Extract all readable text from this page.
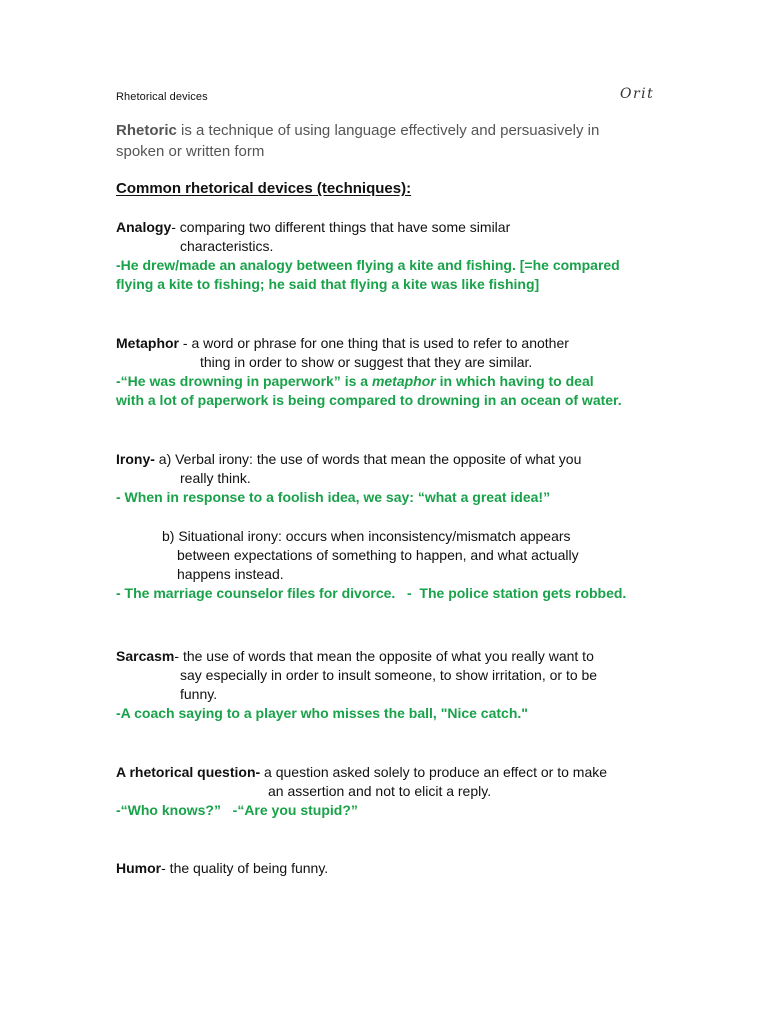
Rhetorical devices	Orit
Rhetoric is a technique of using language effectively and persuasively in
spoken or written form
Common rhetorical devices (techniques):
Analogy- comparing two different things that have some similar
characteristics.
-He drew/made an analogy between flying a kite and fishing. [=he compared
flying a kite to fishing; he said that flying a kite was like fishing]
Metaphor - a word or phrase for one thing that is used to refer to another
thing in order to show or suggest that they are similar.
-“He was drowning in paperwork” is a metaphor in which having to deal
with a lot of paperwork is being compared to drowning in an ocean of water.
Irony- a) Verbal irony: the use of words that mean the opposite of what you
really think.
- When in response to a foolish idea, we say: “what a great idea!”
b) Situational irony: occurs when inconsistency/mismatch appears
between expectations of something to happen, and what actually
happens instead.
- The marriage counselor files for divorce.   -  The police station gets robbed.
Sarcasm- the use of words that mean the opposite of what you really want to
say especially in order to insult someone, to show irritation, or to be
funny.
-A coach saying to a player who misses the ball, "Nice catch."
A rhetorical question- a question asked solely to produce an effect or to make
an assertion and not to elicit a reply.
-“Who knows?”   -“Are you stupid?”
Humor- the quality of being funny.
